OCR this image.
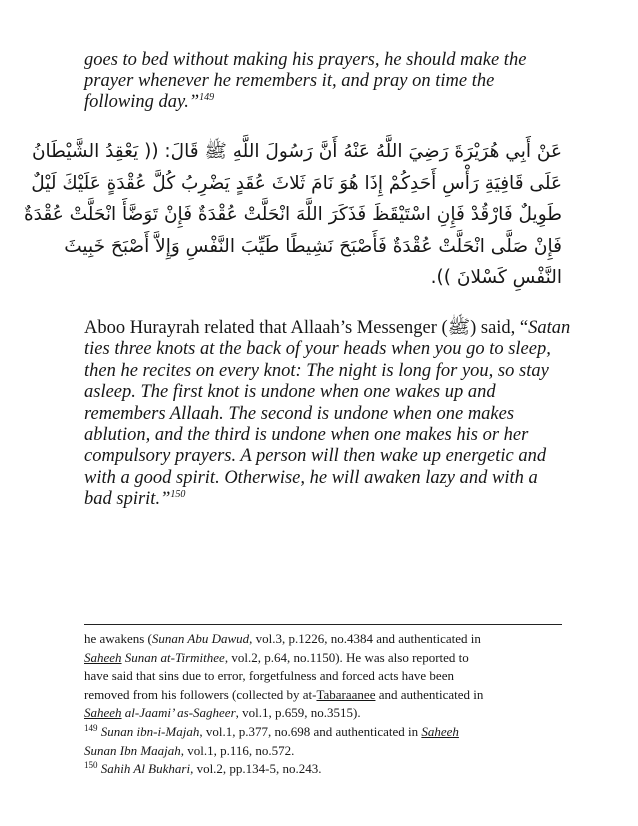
goes to bed without making his prayers, he should make the
prayer whenever he remembers it, and pray on time the
following day.”$^{149}$
عَنْ أَبِي هُرَيْرَةَ رَضِيَ اللَّهُ عَنْهُ أَنَّ رَسُولَ اللَّهِ ﷺ قَالَ: (( يَعْقِدُ الشَّيْطَانُ
عَلَى قَافِيَةِ رَأْسِ أَحَدِكُمْ إِذَا هُوَ نَامَ ثَلاثَ عُقَدٍ يَضْرِبُ كُلَّ عُقْدَةٍ عَلَيْكَ لَيْلٌ
طَوِيلٌ فَارْقُدْ فَإِنِ اسْتَيْقَظَ فَذَكَرَ اللَّهَ انْحَلَّتْ عُقْدَةٌ فَإِنْ تَوَضَّأَ انْحَلَّتْ عُقْدَةٌ
فَإِنْ صَلَّى انْحَلَّتْ عُقْدَةٌ فَأَصْبَحَ نَشِيطًا طَيِّبَ النَّفْسِ وَإِلاَّ أَصْبَحَ خَبِيثَ
النَّفْسِ كَسْلانَ )).
Aboo Hurayrah related that Allaah’s Messenger (ﷺ) said, “Satan
ties three knots at the back of your heads when you go to sleep,
then he recites on every knot: The night is long for you, so stay
asleep. The first knot is undone when one wakes up and
remembers Allaah. The second is undone when one makes
ablution, and the third is undone when one makes his or her
compulsory prayers. A person will then wake up energetic and
with a good spirit. Otherwise, he will awaken lazy and with a
bad spirit.”$^{150}$
he awakens (Sunan Abu Dawud, vol.3, p.1226, no.4384 and authenticated in
Saheeh Sunan at-Tirmithee, vol.2, p.64, no.1150). He was also reported to
have said that sins due to error, forgetfulness and forced acts have been
removed from his followers (collected by at-Tabaraanee and authenticated in
Saheeh al-Jaami’ as-Sagheer, vol.1, p.659, no.3515).
$^{149}$ Sunan ibn-i-Majah, vol.1, p.377, no.698 and authenticated in Saheeh
Sunan Ibn Maajah, vol.1, p.116, no.572.
$^{150}$ Sahih Al Bukhari, vol.2, pp.134-5, no.243.
